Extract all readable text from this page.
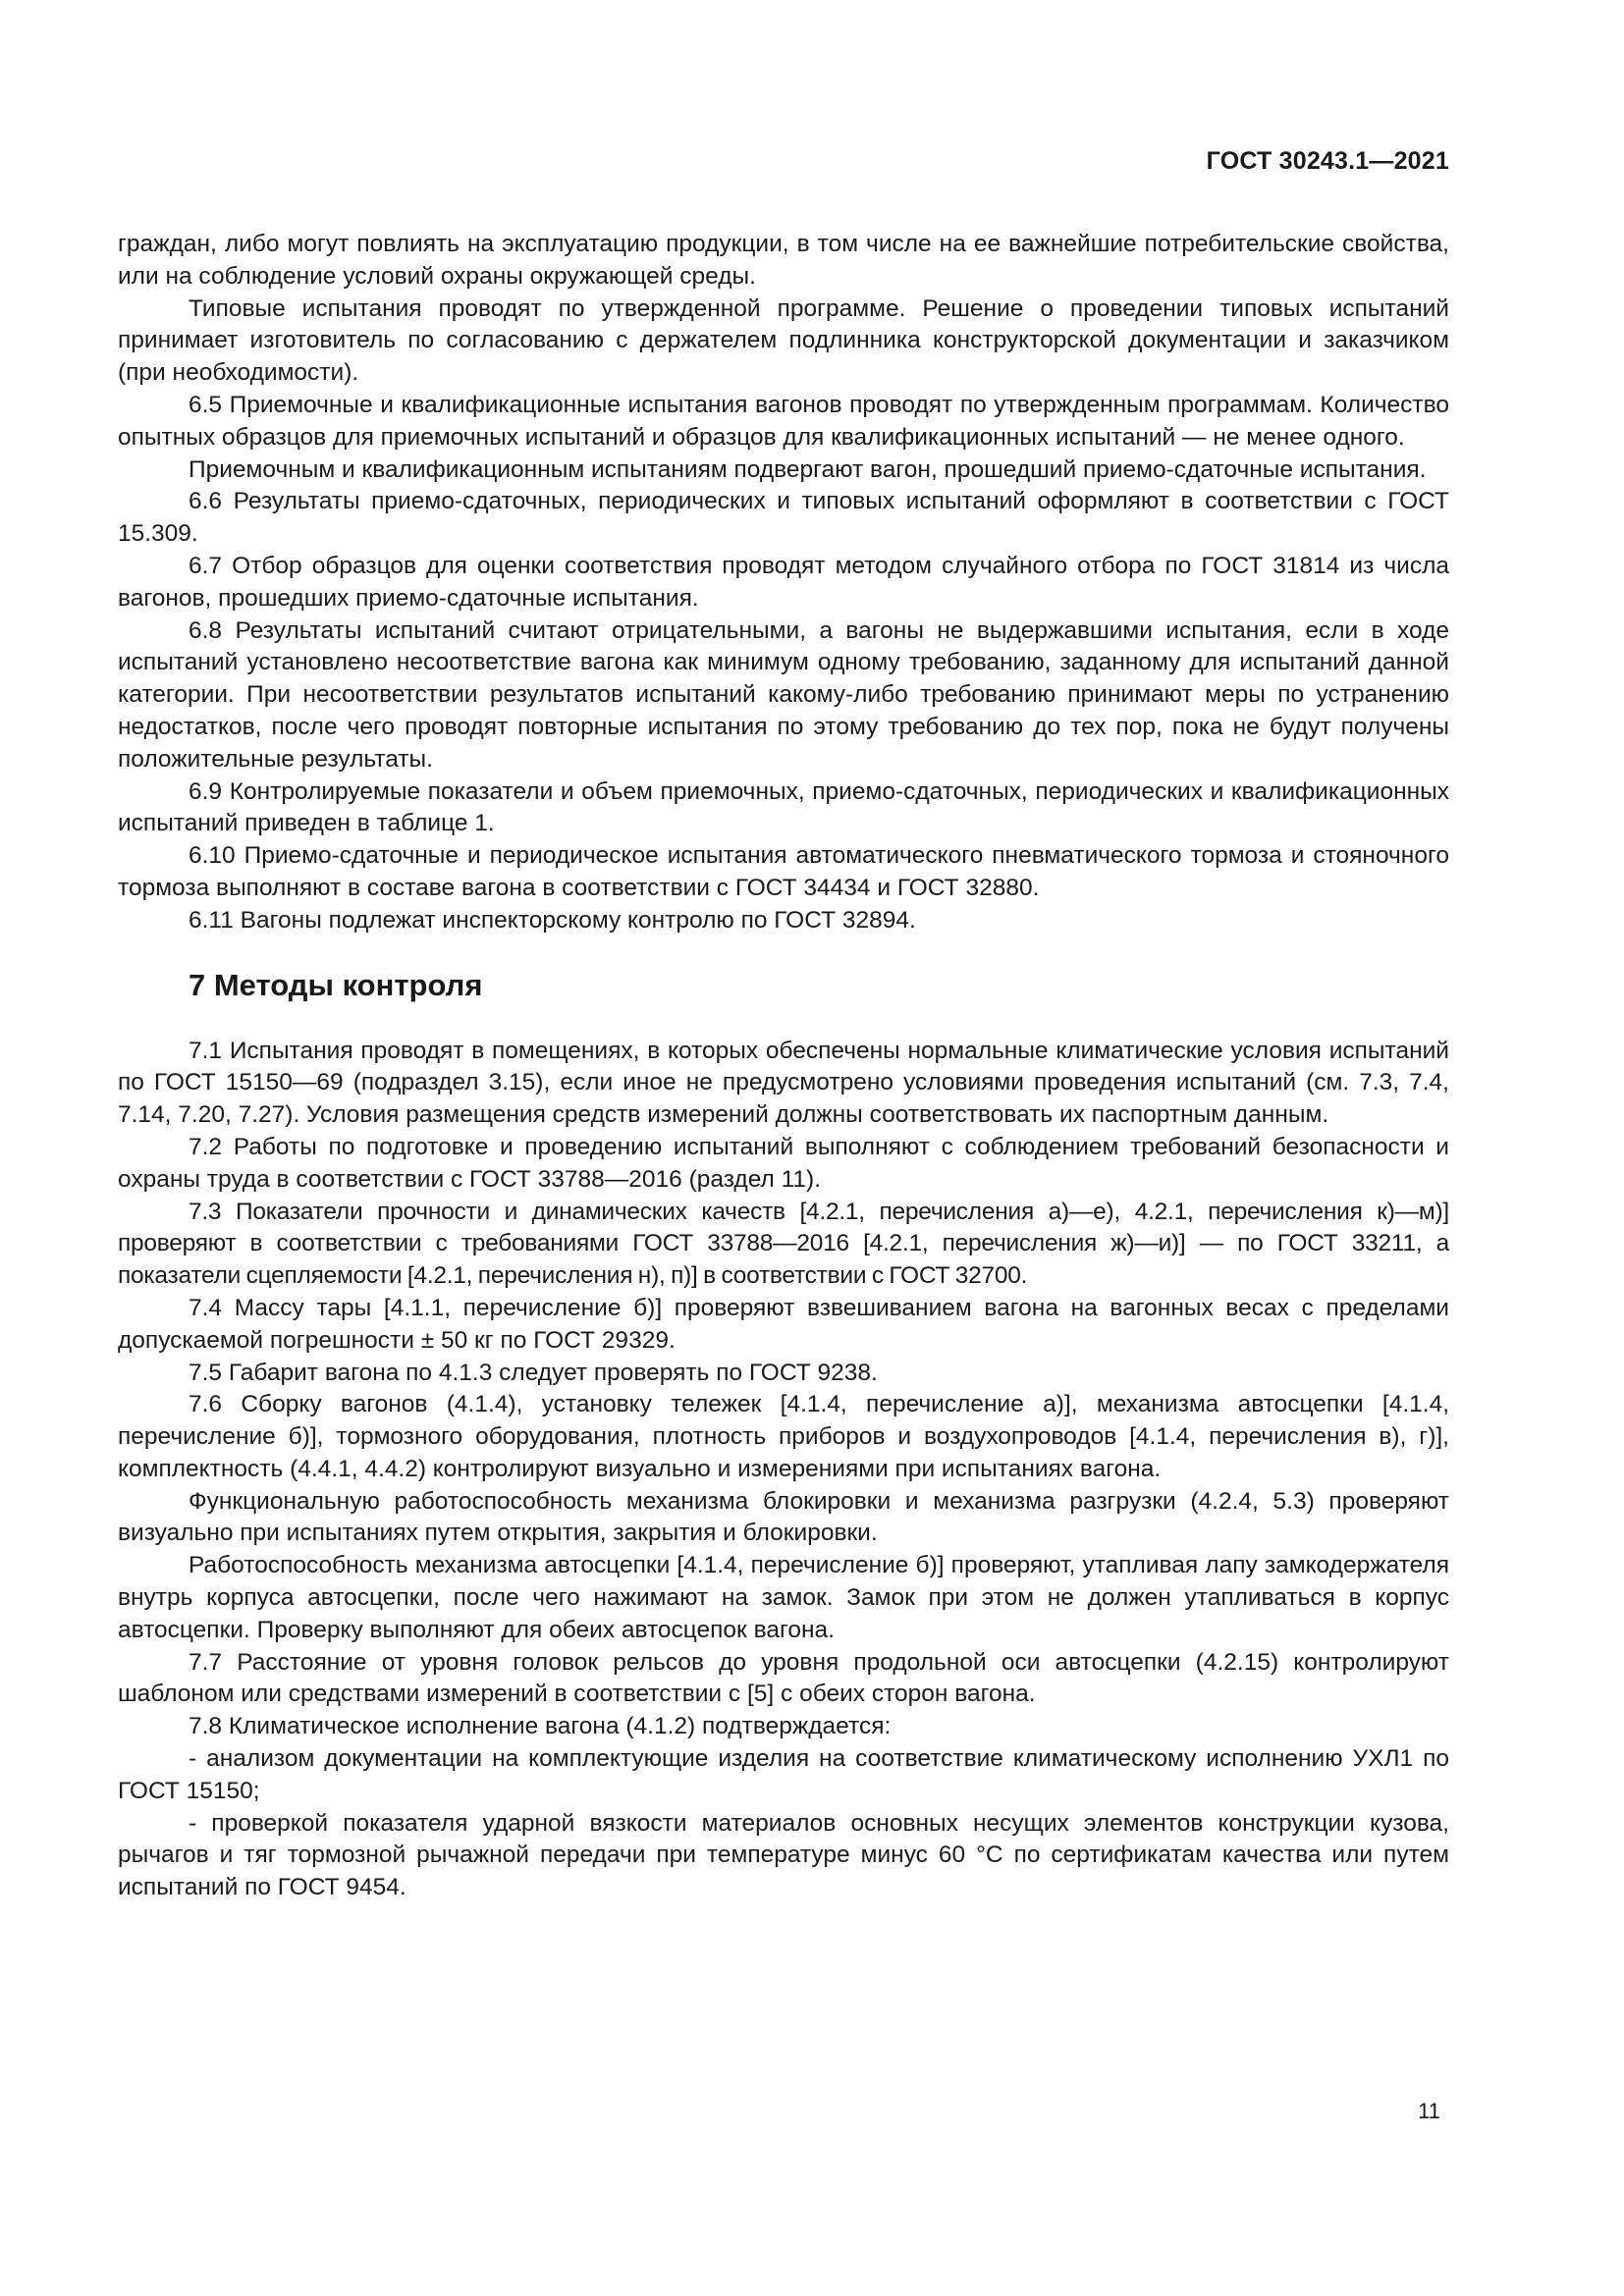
ГОСТ 30243.1—2021

граждан, либо могут повлиять на эксплуатацию продукции, в том числе на ее важнейшие потребительские свойства, или на соблюдение условий охраны окружающей среды.

Типовые испытания проводят по утвержденной программе. Решение о проведении типовых испытаний принимает изготовитель по согласованию с держателем подлинника конструкторской документации и заказчиком (при необходимости).

6.5 Приемочные и квалификационные испытания вагонов проводят по утвержденным программам. Количество опытных образцов для приемочных испытаний и образцов для квалификационных испытаний — не менее одного.

Приемочным и квалификационным испытаниям подвергают вагон, прошедший приемо-сдаточные испытания.

6.6 Результаты приемо-сдаточных, периодических и типовых испытаний оформляют в соответствии с ГОСТ 15.309.

6.7 Отбор образцов для оценки соответствия проводят методом случайного отбора по ГОСТ 31814 из числа вагонов, прошедших приемо-сдаточные испытания.

6.8 Результаты испытаний считают отрицательными, а вагоны не выдержавшими испытания, если в ходе испытаний установлено несоответствие вагона как минимум одному требованию, заданному для испытаний данной категории. При несоответствии результатов испытаний какому-либо требованию принимают меры по устранению недостатков, после чего проводят повторные испытания по этому требованию до тех пор, пока не будут получены положительные результаты.

6.9 Контролируемые показатели и объем приемочных, приемо-сдаточных, периодических и квалификационных испытаний приведен в таблице 1.

6.10 Приемо-сдаточные и периодическое испытания автоматического пневматического тормоза и стояночного тормоза выполняют в составе вагона в соответствии с ГОСТ 34434 и ГОСТ 32880.

6.11 Вагоны подлежат инспекторскому контролю по ГОСТ 32894.

7 Методы контроля

7.1 Испытания проводят в помещениях, в которых обеспечены нормальные климатические условия испытаний по ГОСТ 15150—69 (подраздел 3.15), если иное не предусмотрено условиями проведения испытаний (см. 7.3, 7.4, 7.14, 7.20, 7.27). Условия размещения средств измерений должны соответствовать их паспортным данным.

7.2 Работы по подготовке и проведению испытаний выполняют с соблюдением требований безопасности и охраны труда в соответствии с ГОСТ 33788—2016 (раздел 11).

7.3 Показатели прочности и динамических качеств [4.2.1, перечисления а)—е), 4.2.1, перечисления к)—м)] проверяют в соответствии с требованиями ГОСТ 33788—2016 [4.2.1, перечисления ж)—и)] — по ГОСТ 33211, а показатели сцепляемости [4.2.1, перечисления н), п)] в соответствии с ГОСТ 32700.

7.4 Массу тары [4.1.1, перечисление б)] проверяют взвешиванием вагона на вагонных весах с пределами допускаемой погрешности ± 50 кг по ГОСТ 29329.

7.5 Габарит вагона по 4.1.3 следует проверять по ГОСТ 9238.

7.6 Сборку вагонов (4.1.4), установку тележек [4.1.4, перечисление а)], механизма автосцепки [4.1.4, перечисление б)], тормозного оборудования, плотность приборов и воздухопроводов [4.1.4, перечисления в), г)], комплектность (4.4.1, 4.4.2) контролируют визуально и измерениями при испытаниях вагона.

Функциональную работоспособность механизма блокировки и механизма разгрузки (4.2.4, 5.3) проверяют визуально при испытаниях путем открытия, закрытия и блокировки.

Работоспособность механизма автосцепки [4.1.4, перечисление б)] проверяют, утапливая лапу замкодержателя внутрь корпуса автосцепки, после чего нажимают на замок. Замок при этом не должен утапливаться в корпус автосцепки. Проверку выполняют для обеих автосцепок вагона.

7.7 Расстояние от уровня головок рельсов до уровня продольной оси автосцепки (4.2.15) контролируют шаблоном или средствами измерений в соответствии с [5] с обеих сторон вагона.

7.8 Климатическое исполнение вагона (4.1.2) подтверждается:

- анализом документации на комплектующие изделия на соответствие климатическому исполнению УХЛ1 по ГОСТ 15150;

- проверкой показателя ударной вязкости материалов основных несущих элементов конструкции кузова, рычагов и тяг тормозной рычажной передачи при температуре минус 60 °С по сертификатам качества или путем испытаний по ГОСТ 9454.

11
